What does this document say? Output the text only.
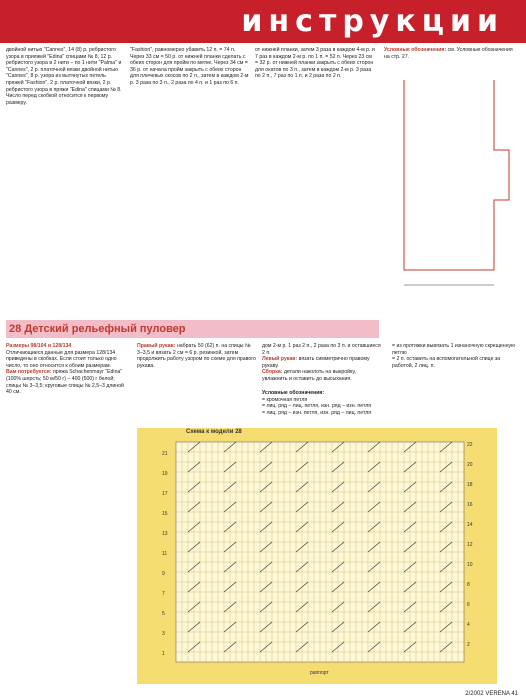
инструкции

двойной нитью "Cannes", 14 (8) р. ребристого узора в прияжей "Edina" спицами № 8, 12 р. ребристого узора в 2 нити – по 1 нити "Palma" и "Cannes", 2 р. платочной вязки двойной нитью "Cannes", 8 р. узора из вытянутых петель пряжей "Fashion", 2 р. платочной вязки, 2 р. ребристого узора в пряжи "Edina" спицами № 8. Число перед скобкой относится к первому размеру.

"Fashion", равномерно убавить 12 п. = 74 п. Через 33 см = 50 р. от нижней планки сделать с обеих сторон для пройм по метке. Через 34 см = 36 р. от начала пройм закрыть с обеих сторон для плечевых скосов по 2 п., затем в каждом 2-м р. 3 раза по 3 п., 2 раза по 4 п. и 1 раз по 6 п.

от нижней планки, затем 3 раза в каждом 4-м р. и 7 раз в каждом 2-м р. по 1 п. = 52 п. Через 23 см = 32 р. от нижней планки закрыть с обеих сторон для окатов по 3 п., затем в каждом 2-м р. 3 раза по 2 п., 7 раз по 1 п. и 2 раза по 2 п.

Условные обозначения: см. Условные обозначения на стр. 27.

28 Детский рельефный пуловер

Размеры 98/104 и 128/134

Отличающиеся данные для размера 128/134 приведены в скобках. Если стоит только одно число, то оно относится к обоим размерам.

Вам потребуется: пряжа Schachenmayr "Edina" (100% шерсть; 50 м/50 г) – 400 (500) г белой; спицы № 3–3,5; круговые спицы № 2,5–3 длиной 40 см.

Правый рукав: набрать 50 (62) п. на спицы № 3–3,5 и вязать 2 см = 6 р. резинкой, затем продолжить работу узором по схеме для правого рукава.

дом 2-м р. 1 раз 2 п., 2 раза по 3 п. и оставшиеся 2 п.

Левый рукав: вязать симметрично правому рукаву.

Сборка: детали наколоть на выкройку, увлажнить и оставить до высыхания.

= из протяжки вывязать 1 изнаночную скрещенную петлю

= 2 п. оставить на вспомогательной спице за работой, 2 лиц. п.

Условные обозначения:

= кромочная петля

= лиц. ряд – лиц. петля, изн. ряд – изн. петля

= лиц. ряд – изн. петля, изн. ряд – лиц. петля

Схема к модели 28
21
19
17
15
13
11
9
7
5
3
1
22
20
18
16
14
12
10
8
6
4
2
раппорт
2/2002 VERENA 41
